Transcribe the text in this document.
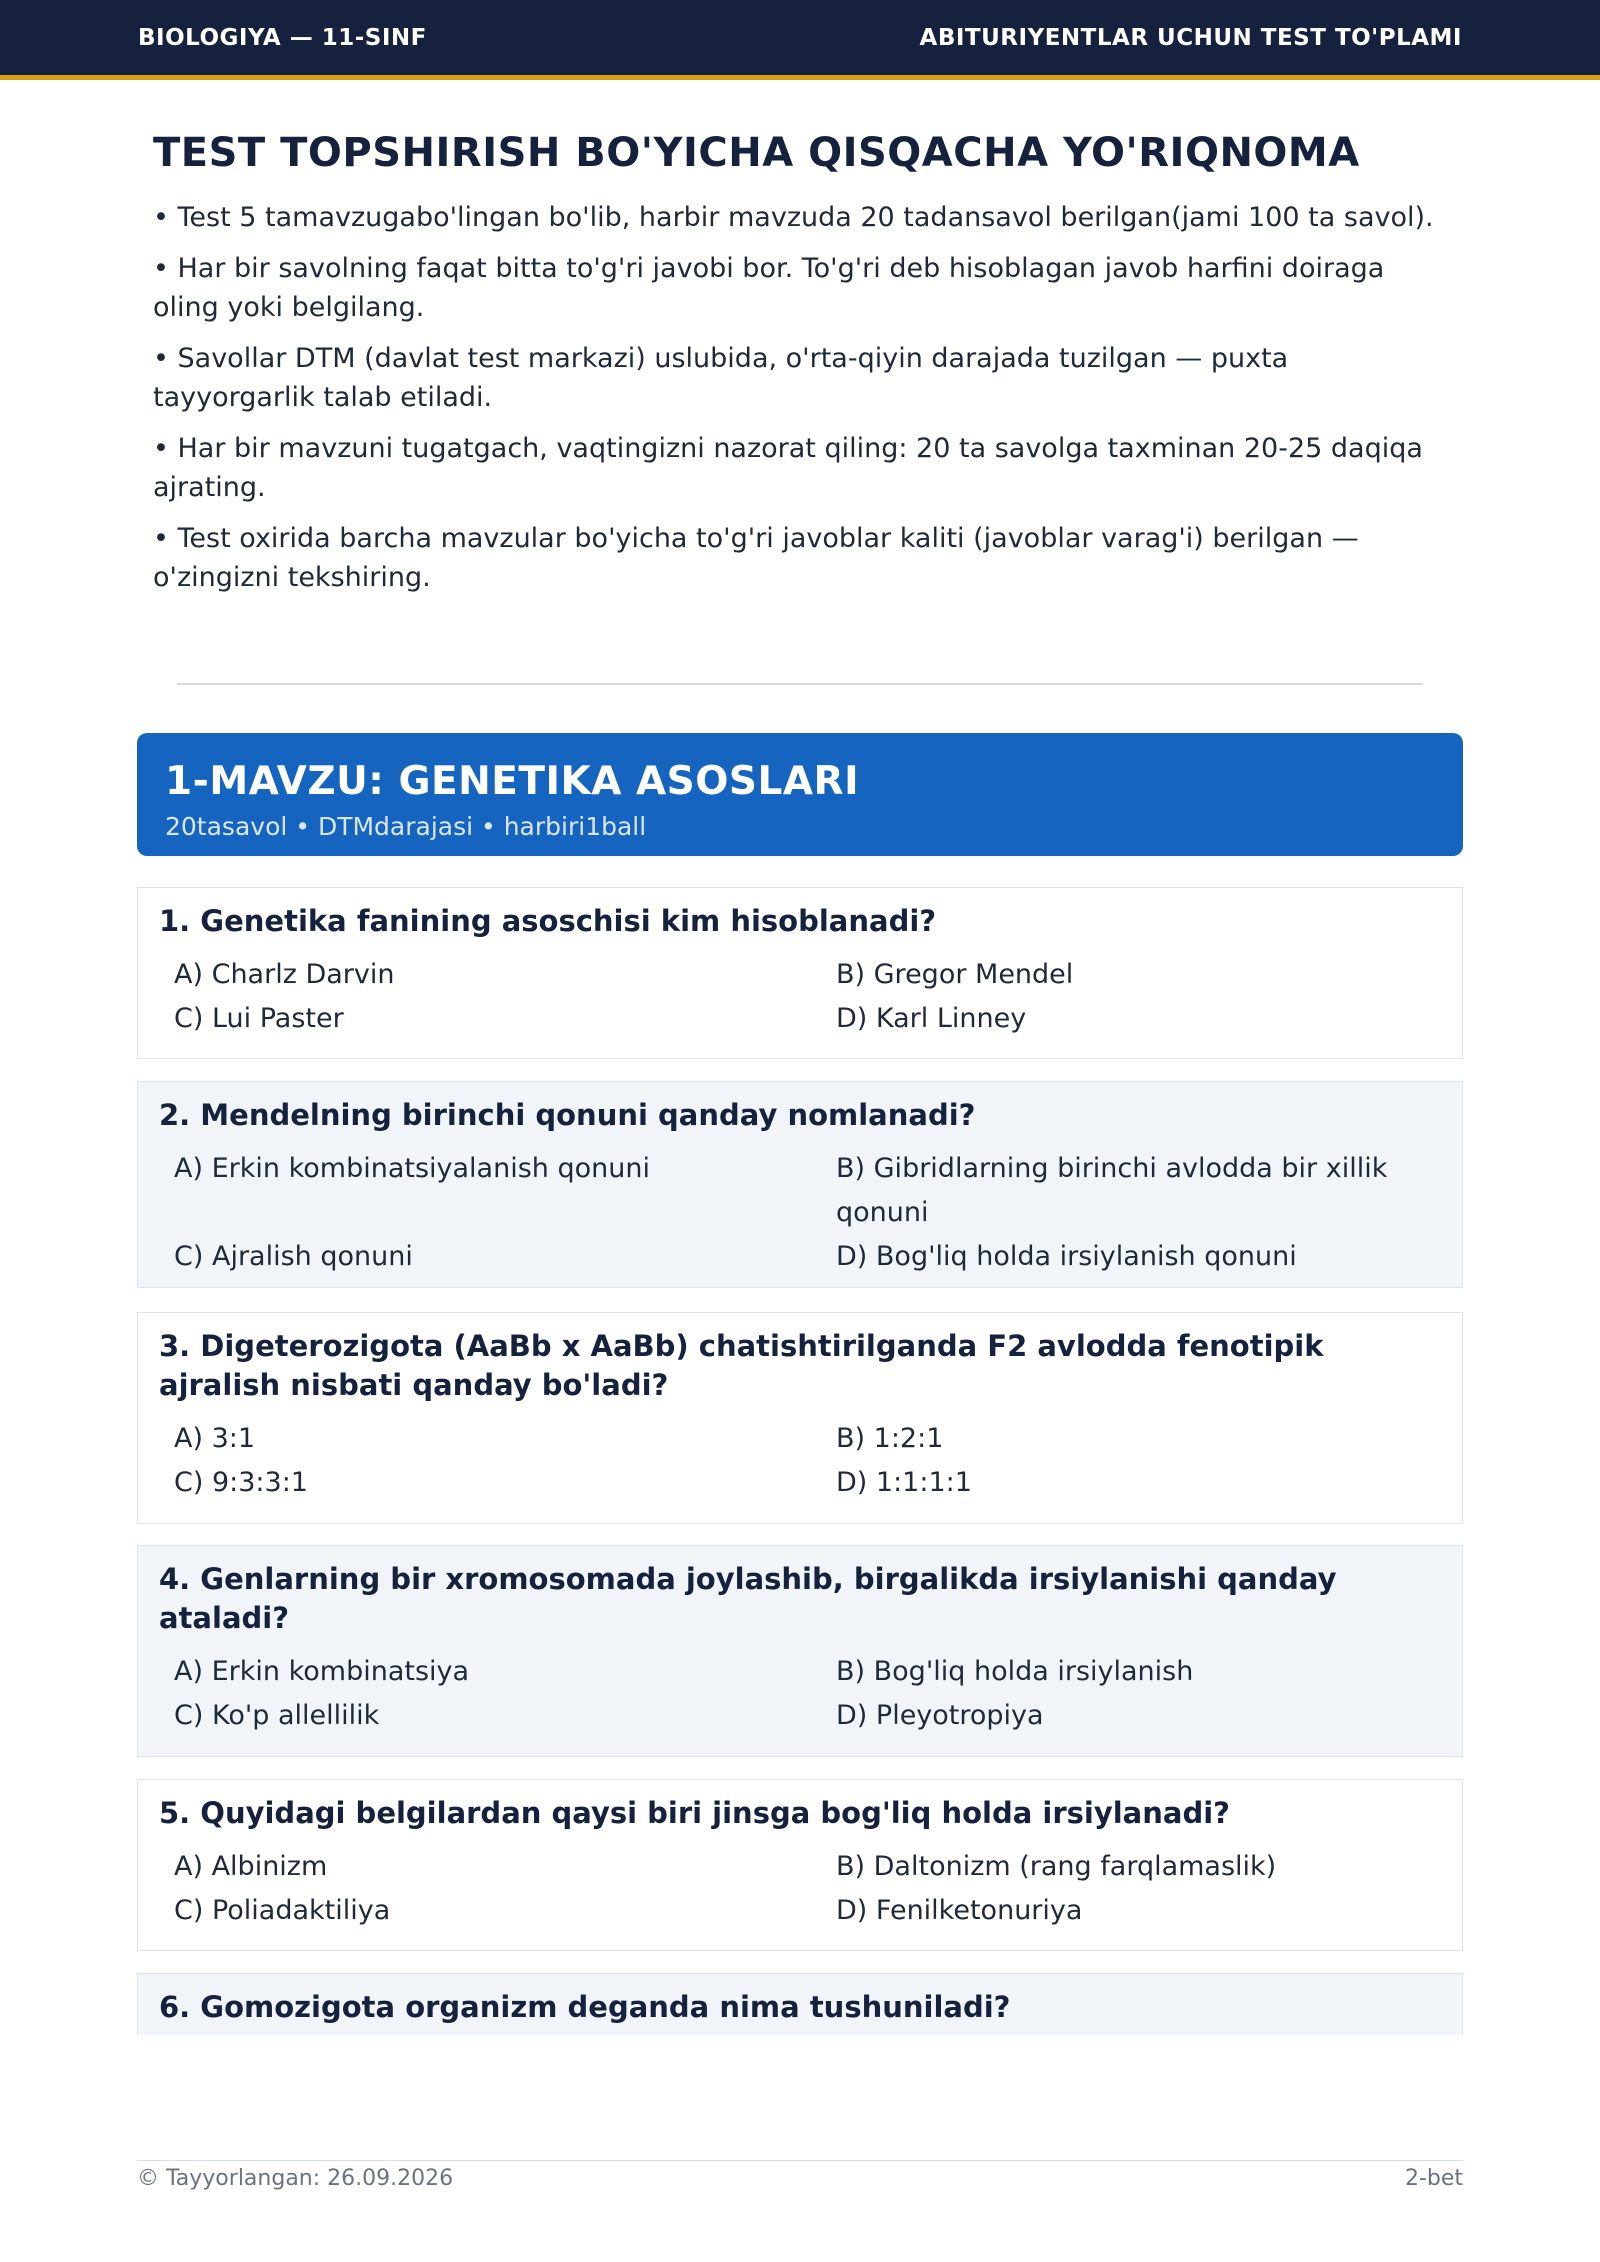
BIOLOGIYA — 11-SINF	ABITURIYENTLAR UCHUN TEST TO'PLAMI
TEST TOPSHIRISH BO'YICHA QISQACHA YO'RIQNOMA

• Test 5 tamavzugabo'lingan bo'lib, harbir mavzuda 20 tadansavol berilgan(jami 100 ta savol).

• Har bir savolning faqat bitta to'g'ri javobi bor. To'g'ri deb hisoblagan javob harfini doiraga oling yoki belgilang.

• Savollar DTM (davlat test markazi) uslubida, o'rta-qiyin darajada tuzilgan — puxta tayyorgarlik talab etiladi.

• Har bir mavzuni tugatgach, vaqtingizni nazorat qiling: 20 ta savolga taxminan 20-25 daqiqa ajrating.

• Test oxirida barcha mavzular bo'yicha to'g'ri javoblar kaliti (javoblar varag'i) berilgan — o'zingizni tekshiring.

1-MAVZU: GENETIKA ASOSLARI
20tasavol • DTMdarajasi • harbiri1ball
1. Genetika fanining asoschisi kim hisoblanadi?
A) Charlz Darvin	B) Gregor Mendel
C) Lui Paster	D) Karl Linney
2. Mendelning birinchi qonuni qanday nomlanadi?
A) Erkin kombinatsiyalanish qonuni	B) Gibridlarning birinchi avlodda bir xillik qonuni
C) Ajralish qonuni	D) Bog'liq holda irsiylanish qonuni
3. Digeterozigota (AaBb x AaBb) chatishtirilganda F2 avlodda fenotipik ajralish nisbati qanday bo'ladi?
A) 3:1	B) 1:2:1
C) 9:3:3:1	D) 1:1:1:1
4. Genlarning bir xromosomada joylashib, birgalikda irsiylanishi qanday ataladi?
A) Erkin kombinatsiya	B) Bog'liq holda irsiylanish
C) Ko'p allellilik	D) Pleyotropiya
5. Quyidagi belgilardan qaysi biri jinsga bog'liq holda irsiylanadi?
A) Albinizm	B) Daltonizm (rang farqlamaslik)
C) Poliadaktiliya	D) Fenilketonuriya
6. Gomozigota organizm deganda nima tushuniladi?
© Tayyorlangan: 26.09.2026	2-bet
